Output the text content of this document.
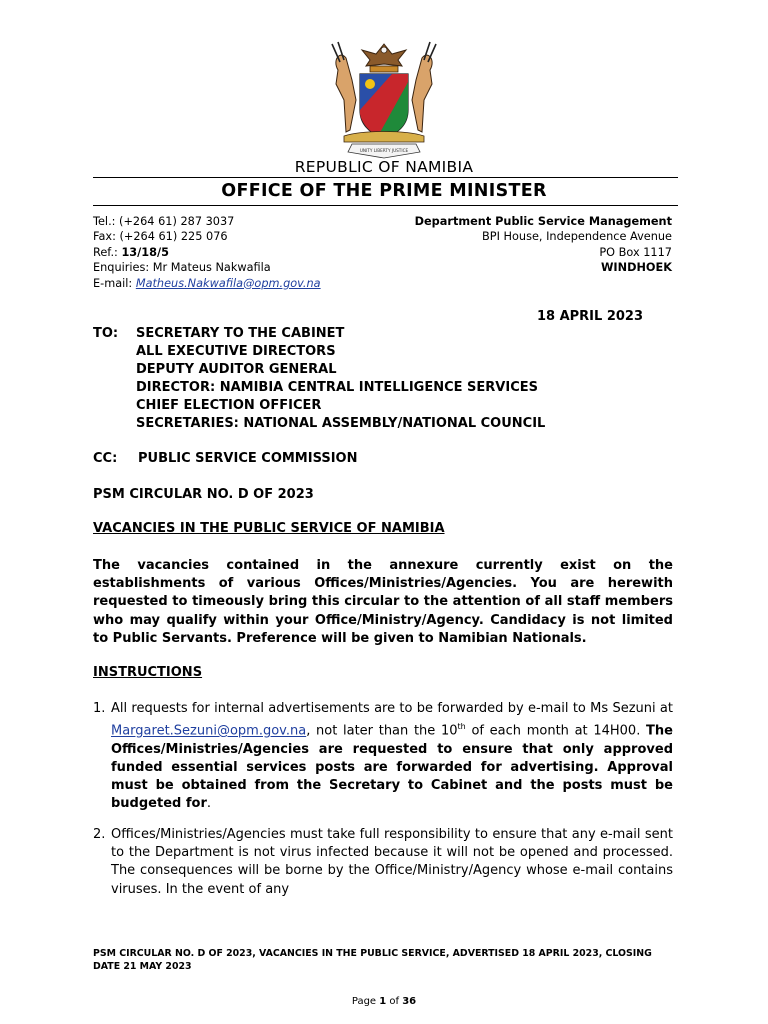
UNITY LIBERTY JUSTICE
REPUBLIC OF NAMIBIA
OFFICE OF THE PRIME MINISTER
Tel.: (+264 61) 287 3037
Fax: (+264 61) 225 076
Ref.: 13/18/5
Enquiries: Mr Mateus Nakwafila
E-mail: Matheus.Nakwafila@opm.gov.na
Department Public Service Management
BPI House, Independence Avenue
PO Box 1117
WINDHOEK
18 APRIL 2023
TO:	SECRETARY TO THE CABINET
ALL EXECUTIVE DIRECTORS
DEPUTY AUDITOR GENERAL
DIRECTOR: NAMIBIA CENTRAL INTELLIGENCE SERVICES
CHIEF ELECTION OFFICER
SECRETARIES: NATIONAL ASSEMBLY/NATIONAL COUNCIL
CC:	PUBLIC SERVICE COMMISSION
PSM CIRCULAR NO. D OF 2023
VACANCIES IN THE PUBLIC SERVICE OF NAMIBIA
The vacancies contained in the annexure currently exist on the establishments of various Offices/Ministries/Agencies. You are herewith requested to timeously bring this circular to the attention of all staff members who may qualify within your Office/Ministry/Agency. Candidacy is not limited to Public Servants. Preference will be given to Namibian Nationals.
INSTRUCTIONS
1. All requests for internal advertisements are to be forwarded by e-mail to Ms Sezuni at Margaret.Sezuni@opm.gov.na, not later than the 10th of each month at 14H00. The Offices/Ministries/Agencies are requested to ensure that only approved funded essential services posts are forwarded for advertising. Approval must be obtained from the Secretary to Cabinet and the posts must be budgeted for.
2. Offices/Ministries/Agencies must take full responsibility to ensure that any e-mail sent to the Department is not virus infected because it will not be opened and processed. The consequences will be borne by the Office/Ministry/Agency whose e-mail contains viruses. In the event of any
PSM CIRCULAR NO. D OF 2023, VACANCIES IN THE PUBLIC SERVICE, ADVERTISED 18 APRIL 2023, CLOSING DATE 21 MAY 2023
Page 1 of 36
